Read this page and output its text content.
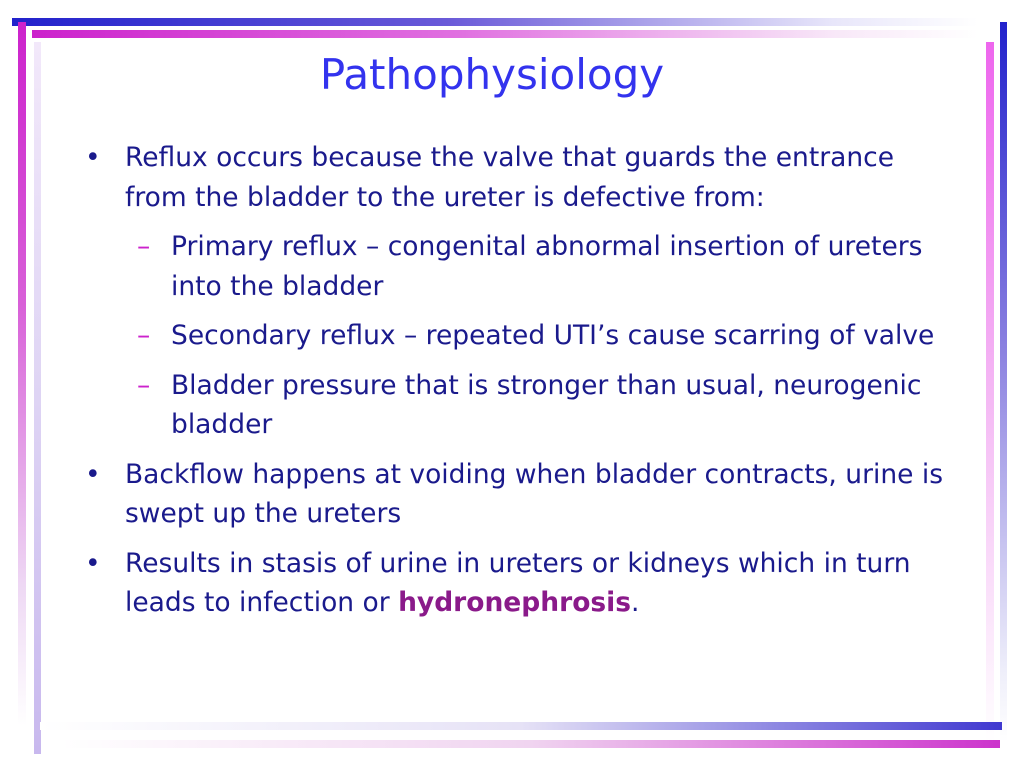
Pathophysiology
• Reflux occurs because the valve that guards the entrance from the bladder to the ureter is defective from:
– Primary reflux – congenital abnormal insertion of ureters into the bladder
– Secondary reflux – repeated UTI’s cause scarring of valve
– Bladder pressure that is stronger than usual, neurogenic bladder
• Backflow happens at voiding when bladder contracts, urine is swept up the ureters
• Results in stasis of urine in ureters or kidneys which in turn leads to infection or hydronephrosis.
